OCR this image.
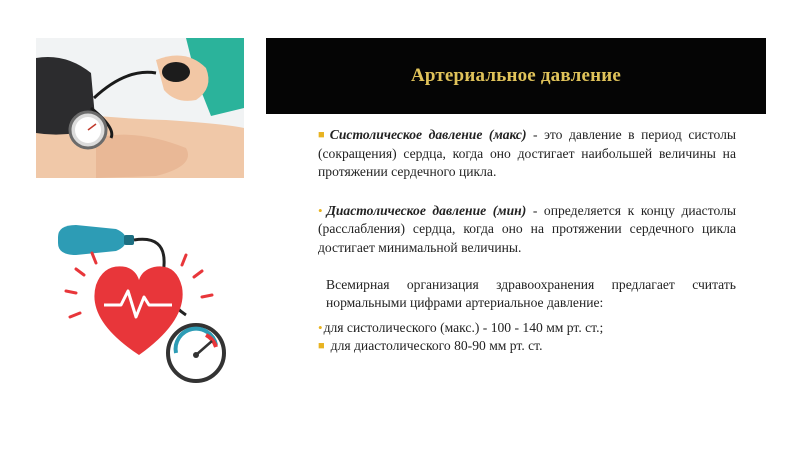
Артериальное давление

■ Систолическое давление (макс) - это давление в период систолы (сокращения) сердца, когда оно достигает наибольшей величины на протяжении сердечного цикла.

• Диастолическое давление (мин) - определяется к концу диастолы (расслабления) сердца, когда оно на протяжении сердечного цикла достигает минимальной величины.

Всемирная организация здравоохранения предлагает считать нормальными цифрами артериальное давление:

•для систолического (макс.) - 100 - 140 мм рт. ст.;

■ для диастолического 80-90 мм рт. ст.
